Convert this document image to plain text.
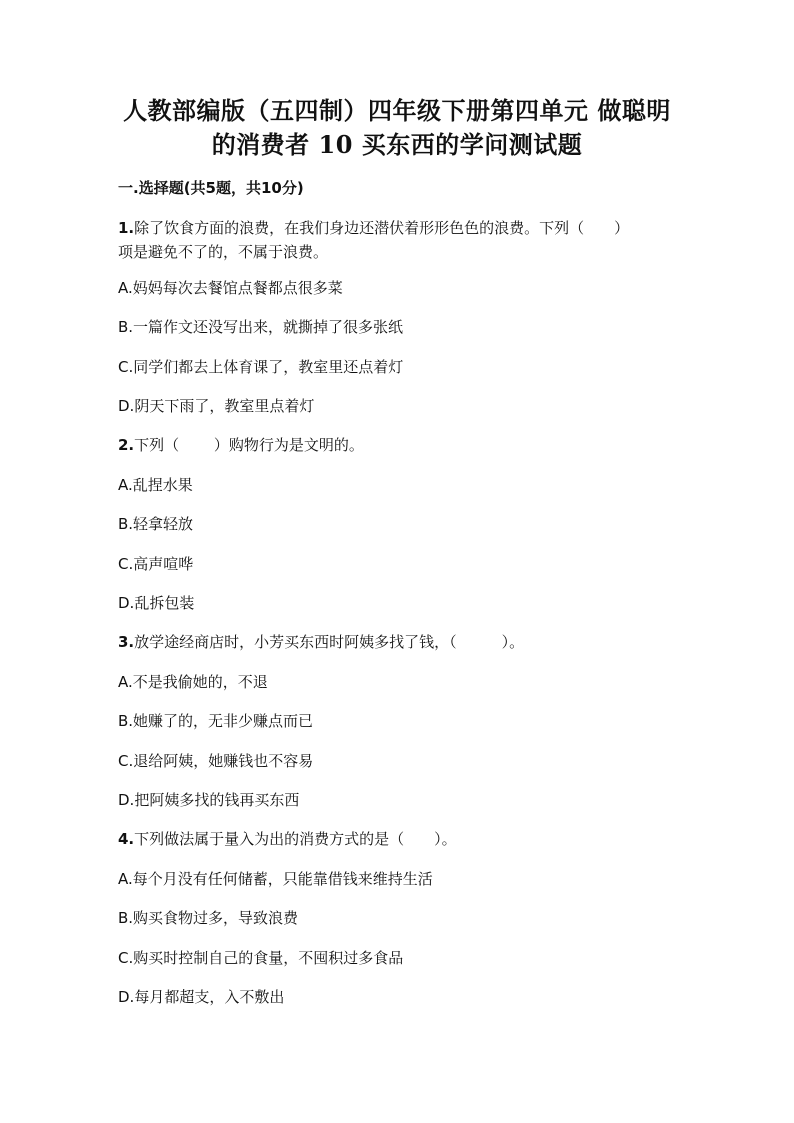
人教部编版（五四制）四年级下册第四单元 做聪明
的消费者 10 买东西的学问测试题
一.选择题(共5题，共10分)
1.除了饮食方面的浪费，在我们身边还潜伏着形形色色的浪费。下列（　　）
项是避免不了的，不属于浪费。
A.妈妈每次去餐馆点餐都点很多菜
B.一篇作文还没写出来，就撕掉了很多张纸
C.同学们都去上体育课了，教室里还点着灯
D.阴天下雨了，教室里点着灯
2.下列（　　 ）购物行为是文明的。
A.乱捏水果
B.轻拿轻放
C.高声喧哗
D.乱拆包装
3.放学途经商店时，小芳买东西时阿姨多找了钱，（　　　）。
A.不是我偷她的，不退
B.她赚了的，无非少赚点而已
C.退给阿姨，她赚钱也不容易
D.把阿姨多找的钱再买东西
4.下列做法属于量入为出的消费方式的是（　　）。
A.每个月没有任何储蓄，只能靠借钱来维持生活
B.购买食物过多，导致浪费
C.购买时控制自己的食量，不囤积过多食品
D.每月都超支，入不敷出
